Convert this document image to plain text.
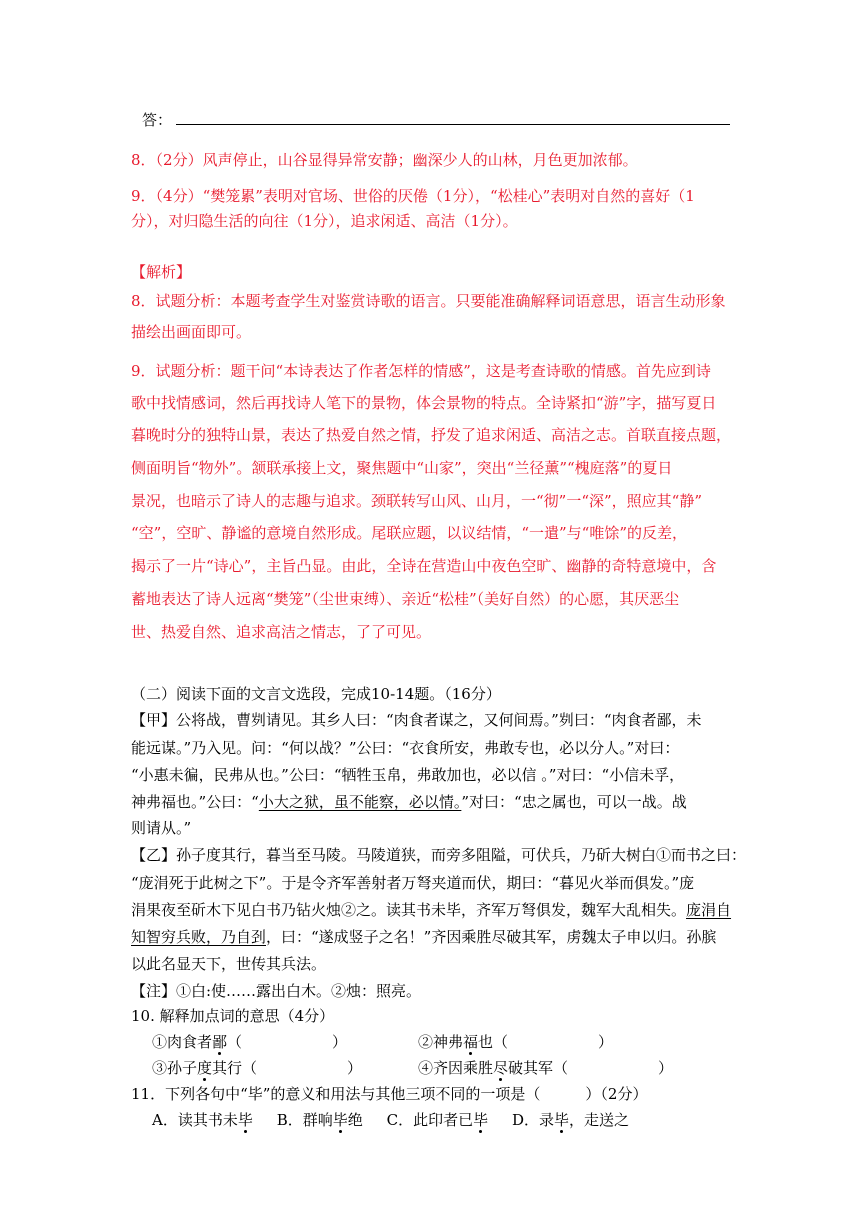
答：
8．（2分）风声停止，山谷显得异常安静；幽深少人的山林，月色更加浓郁。
9．（4分）“樊笼累”表明对官场、世俗的厌倦（1分），“松桂心”表明对自然的喜好（1
分），对归隐生活的向往（1分），追求闲适、高洁（1分）。
【解析】
8．试题分析：本题考查学生对鉴赏诗歌的语言。只要能准确解释词语意思，语言生动形象
描绘出画面即可。
9．试题分析：题干问“本诗表达了作者怎样的情感”，这是考查诗歌的情感。首先应到诗
歌中找情感词，然后再找诗人笔下的景物，体会景物的特点。全诗紧扣“游”字，描写夏日
暮晚时分的独特山景，表达了热爱自然之情，抒发了追求闲适、高洁之志。首联直接点题，
侧面明旨“物外”。颔联承接上文，聚焦题中“山家”，突出“兰径薰”“槐庭落”的夏日
景况，也暗示了诗人的志趣与追求。颈联转写山风、山月，一“彻”一“深”，照应其“静”
“空”，空旷、静谧的意境自然形成。尾联应题，以议结情，“一遣”与“唯馀”的反差，
揭示了一片“诗心”，主旨凸显。由此，全诗在营造山中夜色空旷、幽静的奇特意境中，含
蓄地表达了诗人远离“樊笼”（尘世束缚）、亲近“松桂”（美好自然）的心愿，其厌恶尘
世、热爱自然、追求高洁之情志，了了可见。
（二）阅读下面的文言文选段，完成10-14题。（16分）
【甲】公将战，曹刿请见。其乡人曰：“肉食者谋之，又何间焉。”刿曰：“肉食者鄙，未
能远谋。”乃入见。问：“何以战？”公曰：“衣食所安，弗敢专也，必以分人。”对曰：
“小惠未徧，民弗从也。”公曰：“牺牲玉帛，弗敢加也，必以信 。”对曰：“小信未孚，
神弗福也。”公曰：“小大之狱，虽不能察，必以情。”对曰：“忠之属也，可以一战。战
则请从。”
【乙】孙子度其行，暮当至马陵。马陵道狭，而旁多阻隘，可伏兵，乃斫大树白①而书之曰：
“庞涓死于此树之下”。于是令齐军善射者万弩夹道而伏，期曰：“暮见火举而俱发。”庞
涓果夜至斫木下见白书乃钻火烛②之。读其书未毕，齐军万弩俱发，魏军大乱相失。庞涓自
知智穷兵败，乃自刭，曰：“遂成竖子之名！”齐因乘胜尽破其军，虏魏太子申以归。孙膑
以此名显天下，世传其兵法。
【注】①白:使……露出白木。②烛：照亮。
10. 解释加点词的意思（4分）
①肉食者鄙（　　　　　　）	②神弗福也（　　　　　　）
③孙子度其行（　　　　　　）	④齐因乘胜尽破其军（　　　　　　）
11．下列各句中“毕”的意义和用法与其他三项不同的一项是（　　　）（2分）
A．读其书未毕 B．群响毕绝 C．此印者已毕 D．录毕，走送之
